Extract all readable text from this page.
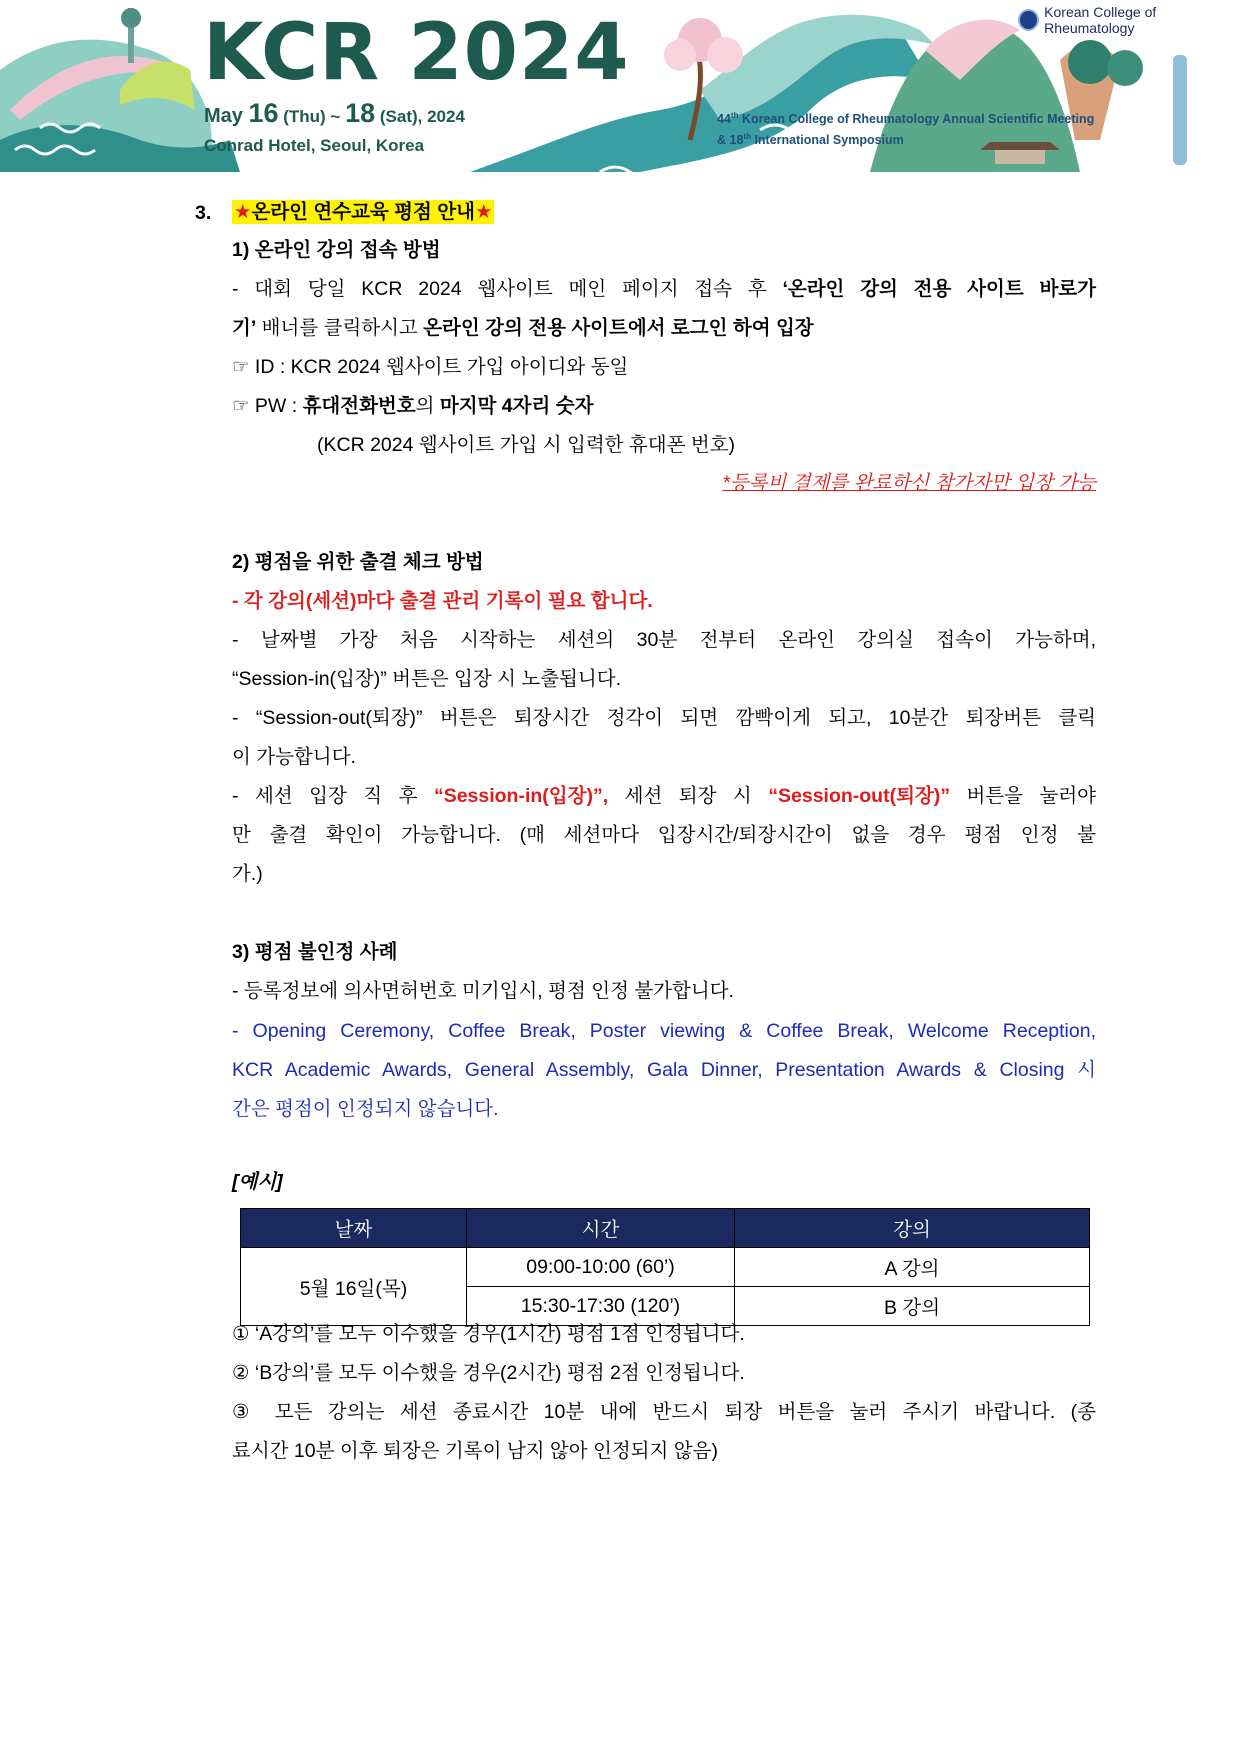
KCR 2024
May 16 (Thu) ~ 18 (Sat), 2024
Conrad Hotel, Seoul, Korea
Korean College of Rheumatology
44th Korean College of Rheumatology Annual Scientific Meeting
& 18th International Symposium
3.	★온라인 연수교육 평점 안내★
1) 온라인 강의 접속 방법
- 대회 당일 KCR 2024 웹사이트 메인 페이지 접속 후 ‘온라인 강의 전용 사이트 바로가
기’ 배너를 클릭하시고 온라인 강의 전용 사이트에서 로그인 하여 입장
☞ ID : KCR 2024 웹사이트 가입 아이디와 동일
☞ PW : 휴대전화번호의 마지막 4자리 숫자
(KCR 2024 웹사이트 가입 시 입력한 휴대폰 번호)
*등록비 결제를 완료하신 참가자만 입장 가능
2) 평점을 위한 출결 체크 방법
- 각 강의(세션)마다 출결 관리 기록이 필요 합니다.
- 날짜별 가장 처음 시작하는 세션의 30분 전부터 온라인 강의실 접속이 가능하며,
“Session-in(입장)” 버튼은 입장 시 노출됩니다.
- “Session-out(퇴장)” 버튼은 퇴장시간 정각이 되면 깜빡이게 되고, 10분간 퇴장버튼 클릭
이 가능합니다.
- 세션 입장 직 후 “Session-in(입장)”, 세션 퇴장 시 “Session-out(퇴장)” 버튼을 눌러야
만 출결 확인이 가능합니다. (매 세션마다 입장시간/퇴장시간이 없을 경우 평점 인정 불
가.)
3) 평점 불인정 사례
- 등록정보에 의사면허번호 미기입시, 평점 인정 불가합니다.
- Opening Ceremony, Coffee Break, Poster viewing & Coffee Break, Welcome Reception,
KCR Academic Awards, General Assembly, Gala Dinner, Presentation Awards & Closing 시
간은 평점이 인정되지 않습니다.
[예시]
날짜	시간	강의
5월 16일(목)	09:00-10:00 (60’)	A 강의
	15:30-17:30 (120’)	B 강의
① ‘A강의’를 모두 이수했을 경우(1시간) 평점 1점 인정됩니다.
② ‘B강의’를 모두 이수했을 경우(2시간) 평점 2점 인정됩니다.
③ 모든 강의는 세션 종료시간 10분 내에 반드시 퇴장 버튼을 눌러 주시기 바랍니다. (종
료시간 10분 이후 퇴장은 기록이 남지 않아 인정되지 않음)
